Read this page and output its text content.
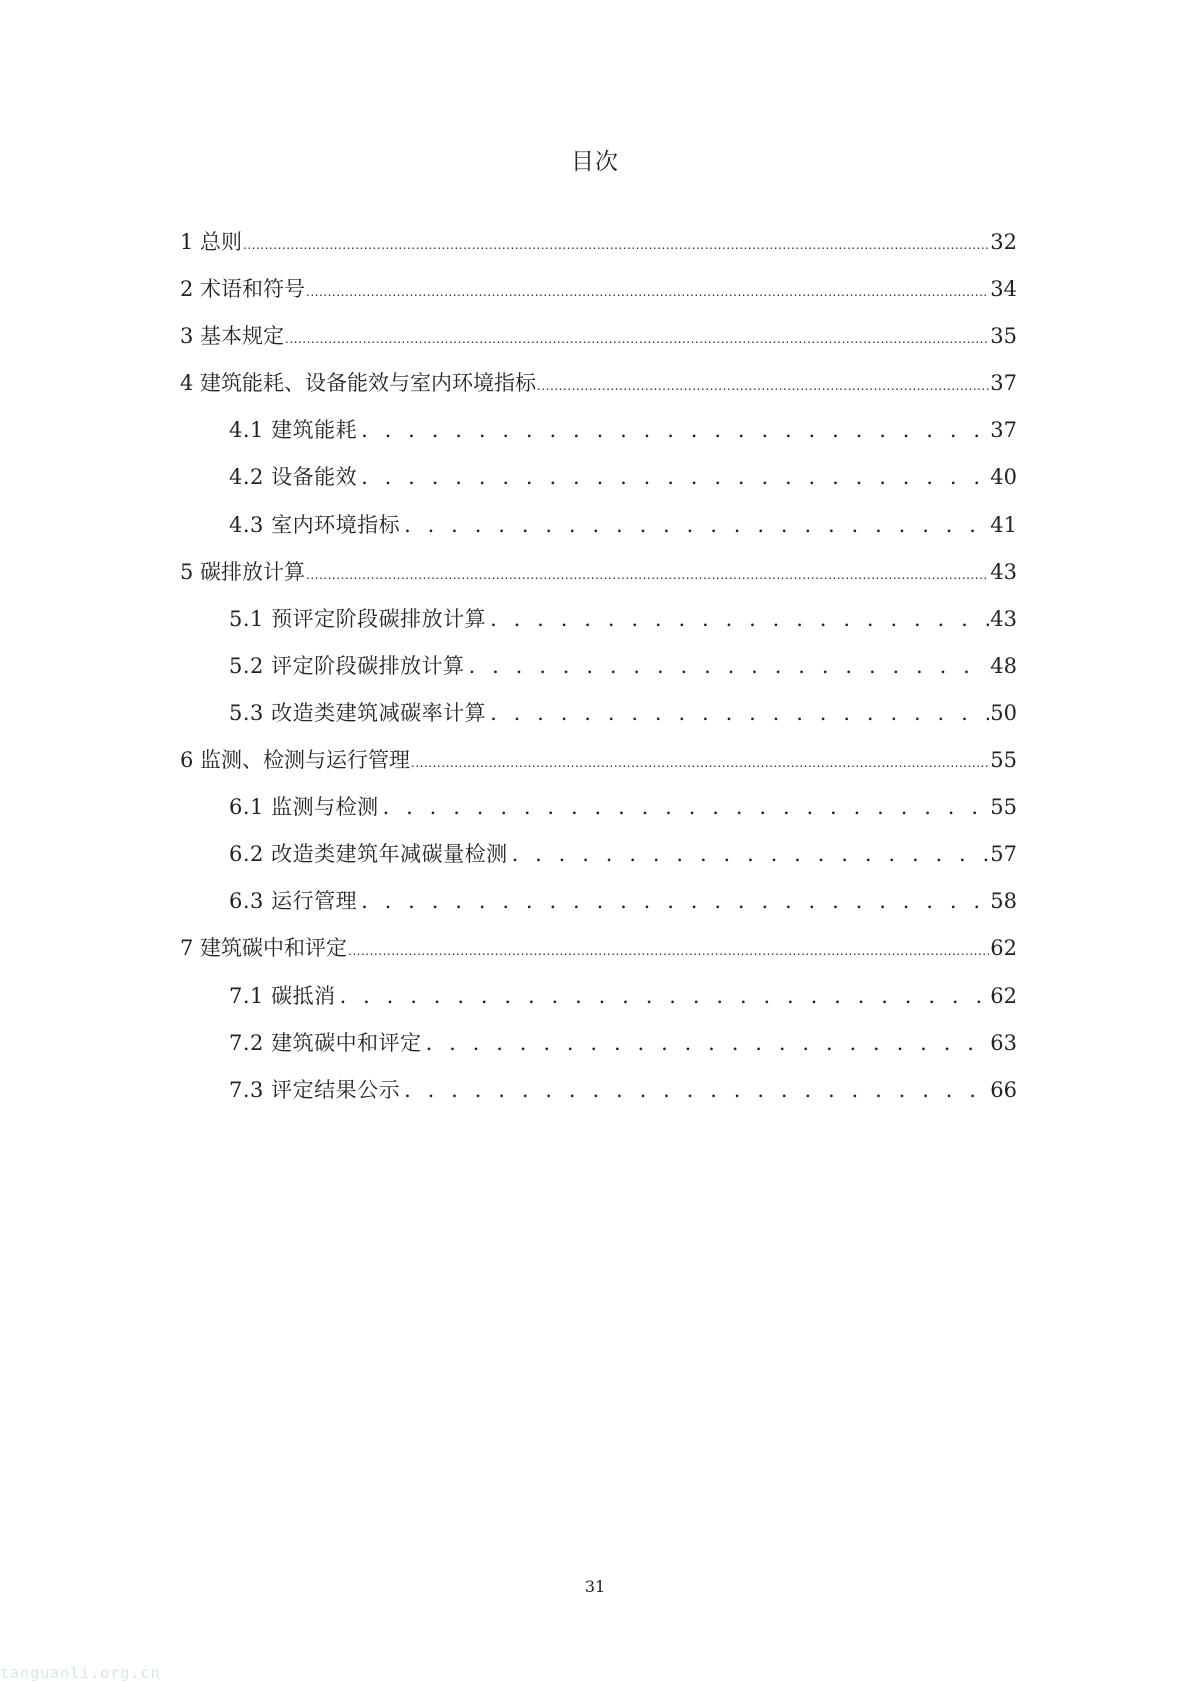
目次
1 总则 .....	32
2 术语和符号 .....	34
3 基本规定 .....	35
4 建筑能耗、设备能效与室内环境指标 .....	37
4.1 建筑能耗 . . .	37
4.2 设备能效 . . .	40
4.3 室内环境指标 . . .	41
5 碳排放计算 .....	43
5.1 预评定阶段碳排放计算 . . .	43
5.2 评定阶段碳排放计算 . . .	48
5.3 改造类建筑减碳率计算 . . .	50
6 监测、检测与运行管理 .....	55
6.1 监测与检测 . . .	55
6.2 改造类建筑年减碳量检测 . . .	57
6.3 运行管理 . . .	58
7 建筑碳中和评定 .....	62
7.1 碳抵消 . . .	62
7.2 建筑碳中和评定 . . .	63
7.3 评定结果公示 . . .	66
31
tanguanli.org.cn
